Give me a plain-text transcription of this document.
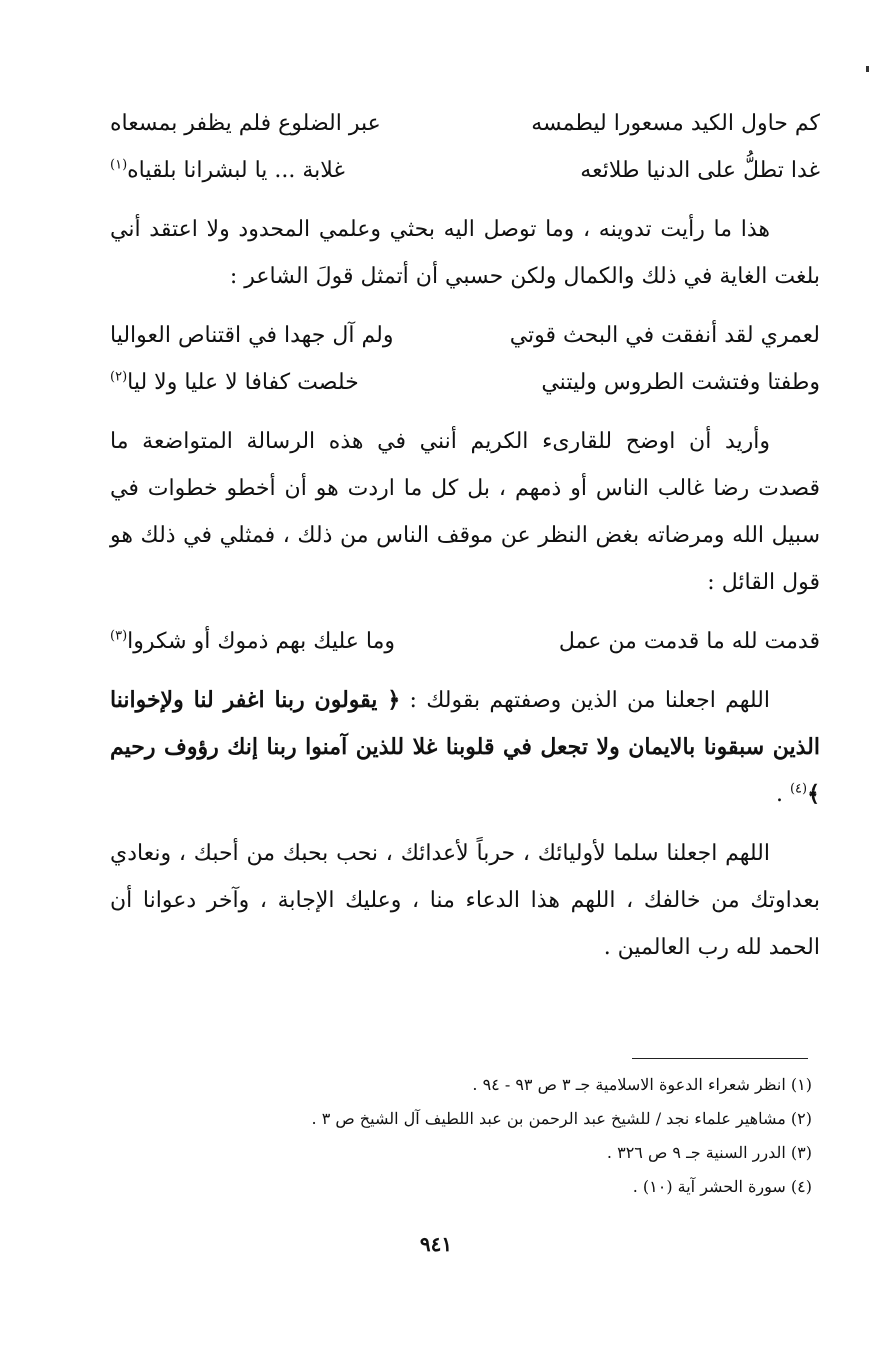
كم حاول الكيد مسعورا ليطمسه
عبر الضلوع فلم يظفر بمسعاه
غدا تطلُّ على الدنيا طلائعه
غلابة ... يا لبشرانا بلقياه$^{(١)}$

هذا ما رأيت تدوينه ، وما توصل اليه بحثي وعلمي المحدود ولا اعتقد أني بلغت الغاية في ذلك والكمال ولكن حسبي أن أتمثل قولَ الشاعر :

لعمري لقد أنفقت في البحث قوتي
ولم آل جهدا في اقتناص العواليا
وطفتا وفتشت الطروس وليتني
خلصت كفافا لا عليا ولا ليا$^{(٢)}$

وأريد أن اوضح للقارىء الكريم أنني في هذه الرسالة المتواضعة ما قصدت رضا غالب الناس أو ذمهم ، بل كل ما اردت هو أن أخطو خطوات في سبيل الله ومرضاته بغض النظر عن موقف الناس من ذلك ، فمثلي في ذلك هو قول القائل :

قدمت لله ما قدمت من عمل
وما عليك بهم ذموك أو شكروا$^{(٣)}$

اللهم اجعلنا من الذين وصفتهم بقولك : ﴿ يقولون ربنا اغفر لنا ولإخواننا الذين سبقونا بالايمان ولا تجعل في قلوبنا غلا للذين آمنوا ربنا إنك رؤوف رحيم ﴾$^{(٤)}$ .

اللهم اجعلنا سلما لأوليائك ، حرباً لأعدائك ، نحب بحبك من أحبك ، ونعادي بعداوتك من خالفك ، اللهم هذا الدعاء منا ، وعليك الإجابة ، وآخر دعوانا أن الحمد لله رب العالمين .

(١) انظر شعراء الدعوة الاسلامية جـ ٣ ص ٩٣ - ٩٤ .

(٢) مشاهير علماء نجد / للشيخ عبد الرحمن بن عبد اللطيف آل الشيخ ص ٣ .

(٣) الدرر السنية جـ ٩ ص ٣٢٦ .

(٤) سورة الحشر آية (١٠) .

٩٤١
